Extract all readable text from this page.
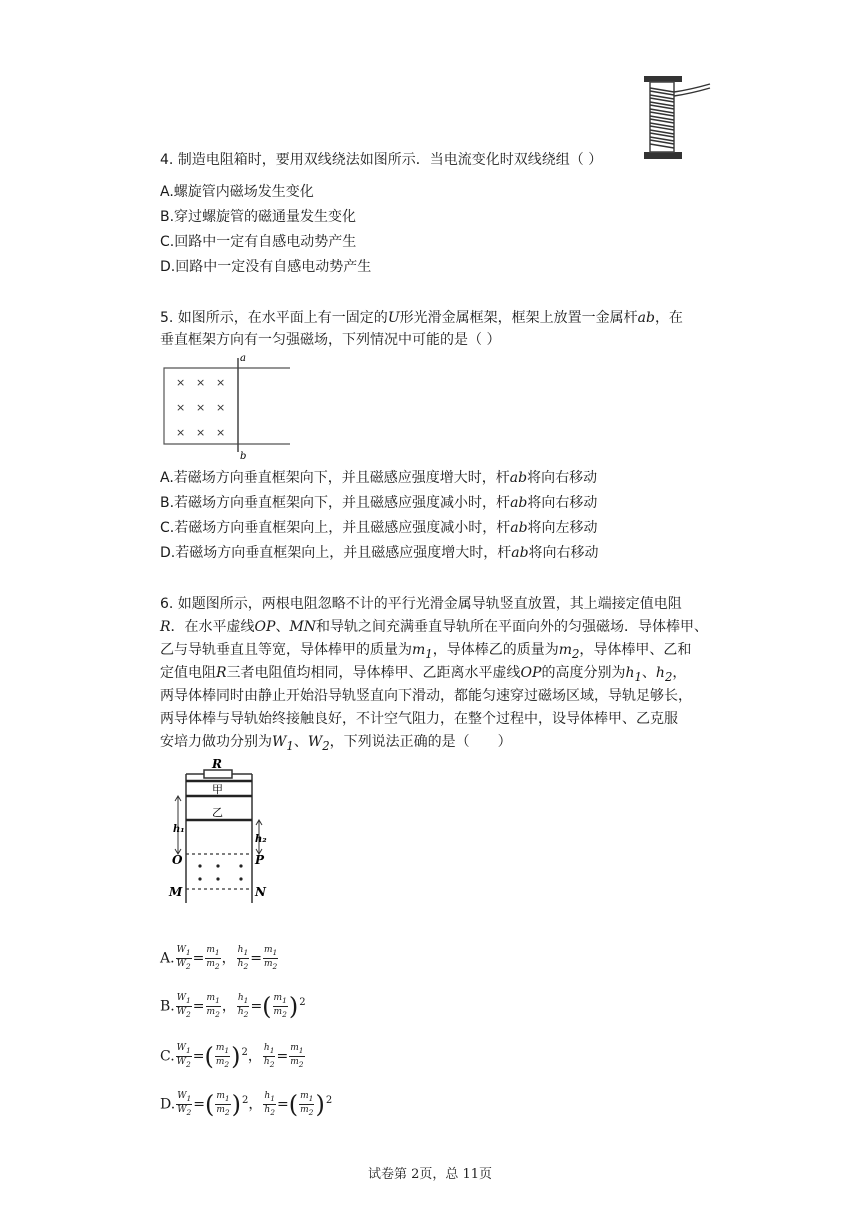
4. 制造电阻箱时，要用双线绕法如图所示．当电流变化时双线绕组（ ）
A.螺旋管内磁场发生变化
B.穿过螺旋管的磁通量发生变化
C.回路中一定有自感电动势产生
D.回路中一定没有自感电动势产生
5. 如图所示，在水平面上有一固定的U形光滑金属框架，框架上放置一金属杆ab，在
垂直框架方向有一匀强磁场，下列情况中可能的是（ ）
a
b
× × ×
× × ×
× × ×
A.若磁场方向垂直框架向下，并且磁感应强度增大时，杆ab将向右移动
B.若磁场方向垂直框架向下，并且磁感应强度减小时，杆ab将向右移动
C.若磁场方向垂直框架向上，并且磁感应强度减小时，杆ab将向左移动
D.若磁场方向垂直框架向上，并且磁感应强度增大时，杆ab将向右移动
6. 如题图所示，两根电阻忽略不计的平行光滑金属导轨竖直放置，其上端接定值电阻
R．在水平虚线OP、MN和导轨之间充满垂直导轨所在平面向外的匀强磁场．导体棒甲、
乙与导轨垂直且等宽，导体棒甲的质量为$m_1$，导体棒乙的质量为$m_2$，导体棒甲、乙和
定值电阻R三者电阻值均相同，导体棒甲、乙距离水平虚线OP的高度分别为$h_1$、$h_2$，
两导体棒同时由静止开始沿导轨竖直向下滑动，都能匀速穿过磁场区域，导轨足够长，
两导体棒与导轨始终接触良好，不计空气阻力，在整个过程中，设导体棒甲、乙克服
安培力做功分别为$W_1$、$W_2$，下列说法正确的是（　　）
R
甲
乙
h₁
h₂
O	P
M	N
A. $\frac{W_1}{W_2} = \frac{m_1}{m_2}$ ， $\frac{h_1}{h_2} = \frac{m_1}{m_2}$
B. $\frac{W_1}{W_2} = \frac{m_1}{m_2}$ ， $\frac{h_1}{h_2}$ =( $\frac{m_1}{m_2} )^2$
C. $\frac{W_1}{W_2}$ =( $\frac{m_1}{m_2} )^2$， $\frac{h_1}{h_2} = \frac{m_1}{m_2}$
D. $\frac{W_1}{W_2}$ =( $\frac{m_1}{m_2} )^2$， $\frac{h_1}{h_2}$ =( $\frac{m_1}{m_2} )^2$
试卷第 2页，总 11页
